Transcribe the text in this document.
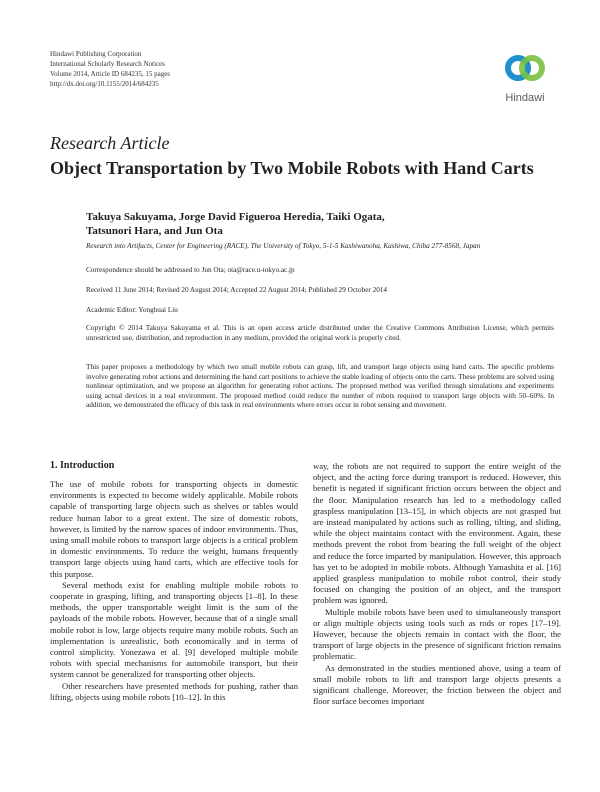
Hindawi Publishing Corporation
International Scholarly Research Notices
Volume 2014, Article ID 684235, 15 pages
http://dx.doi.org/10.1155/2014/684235
Hindawi
Research Article
Object Transportation by Two Mobile Robots with Hand Carts
Takuya Sakuyama, Jorge David Figueroa Heredia, Taiki Ogata,
Tatsunori Hara, and Jun Ota
Research into Artifacts, Center for Engineering (RACE), The University of Tokyo, 5-1-5 Kashiwanoha, Kashiwa, Chiba 277-8568, Japan
Correspondence should be addressed to Jun Ota; ota@race.u-tokyo.ac.jp
Received 11 June 2014; Revised 20 August 2014; Accepted 22 August 2014; Published 29 October 2014
Academic Editor: Yonghuai Liu
Copyright © 2014 Takuya Sakuyama et al. This is an open access article distributed under the Creative Commons Attribution License, which permits unrestricted use, distribution, and reproduction in any medium, provided the original work is properly cited.
This paper proposes a methodology by which two small mobile robots can grasp, lift, and transport large objects using hand carts. The specific problems involve generating robot actions and determining the hand cart positions to achieve the stable loading of objects onto the carts. These problems are solved using nonlinear optimization, and we propose an algorithm for generating robot actions. The proposed method was verified through simulations and experiments using actual devices in a real environment. The proposed method could reduce the number of robots required to transport large objects with 50–60%. In addition, we demonstrated the efficacy of this task in real environments where errors occur in robot sensing and movement.
1. Introduction

The use of mobile robots for transporting objects in domestic environments is expected to become widely applicable. Mobile robots capable of transporting large objects such as shelves or tables would reduce human labor to a great extent. The size of domestic robots, however, is limited by the narrow spaces of indoor environments. Thus, using small mobile robots to transport large objects is a critical problem in domestic environments. To reduce the weight, humans frequently transport large objects using hand carts, which are effective tools for this purpose.

Several methods exist for enabling multiple mobile robots to cooperate in grasping, lifting, and transporting objects [1–8]. In these methods, the upper transportable weight limit is the sum of the payloads of the mobile robots. However, because that of a single small mobile robot is low, large objects require many mobile robots. Such an implementation is unrealistic, both economically and in terms of control simplicity. Yonezawa et al. [9] developed multiple mobile robots with special mechanisms for automobile transport, but their system cannot be generalized for transporting other objects.

Other researchers have presented methods for pushing, rather than lifting, objects using mobile robots [10–12]. In this

way, the robots are not required to support the entire weight of the object, and the acting force during transport is reduced. However, this benefit is negated if significant friction occurs between the object and the floor. Manipulation research has led to a methodology called graspless manipulation [13–15], in which objects are not grasped but are instead manipulated by actions such as rolling, tilting, and sliding, while the object maintains contact with the environment. Again, these methods prevent the robot from bearing the full weight of the object and reduce the force imparted by manipulation. However, this approach has yet to be adopted in mobile robots. Although Yamashita et al. [16] applied graspless manipulation to mobile robot control, their study focused on changing the position of an object, and the transport problem was ignored.

Multiple mobile robots have been used to simultaneously transport or align multiple objects using tools such as rods or ropes [17–19]. However, because the objects remain in contact with the floor, the transport of large objects in the presence of significant friction remains problematic.

As demonstrated in the studies mentioned above, using a team of small mobile robots to lift and transport large objects presents a significant challenge. Moreover, the friction between the object and floor surface becomes important
